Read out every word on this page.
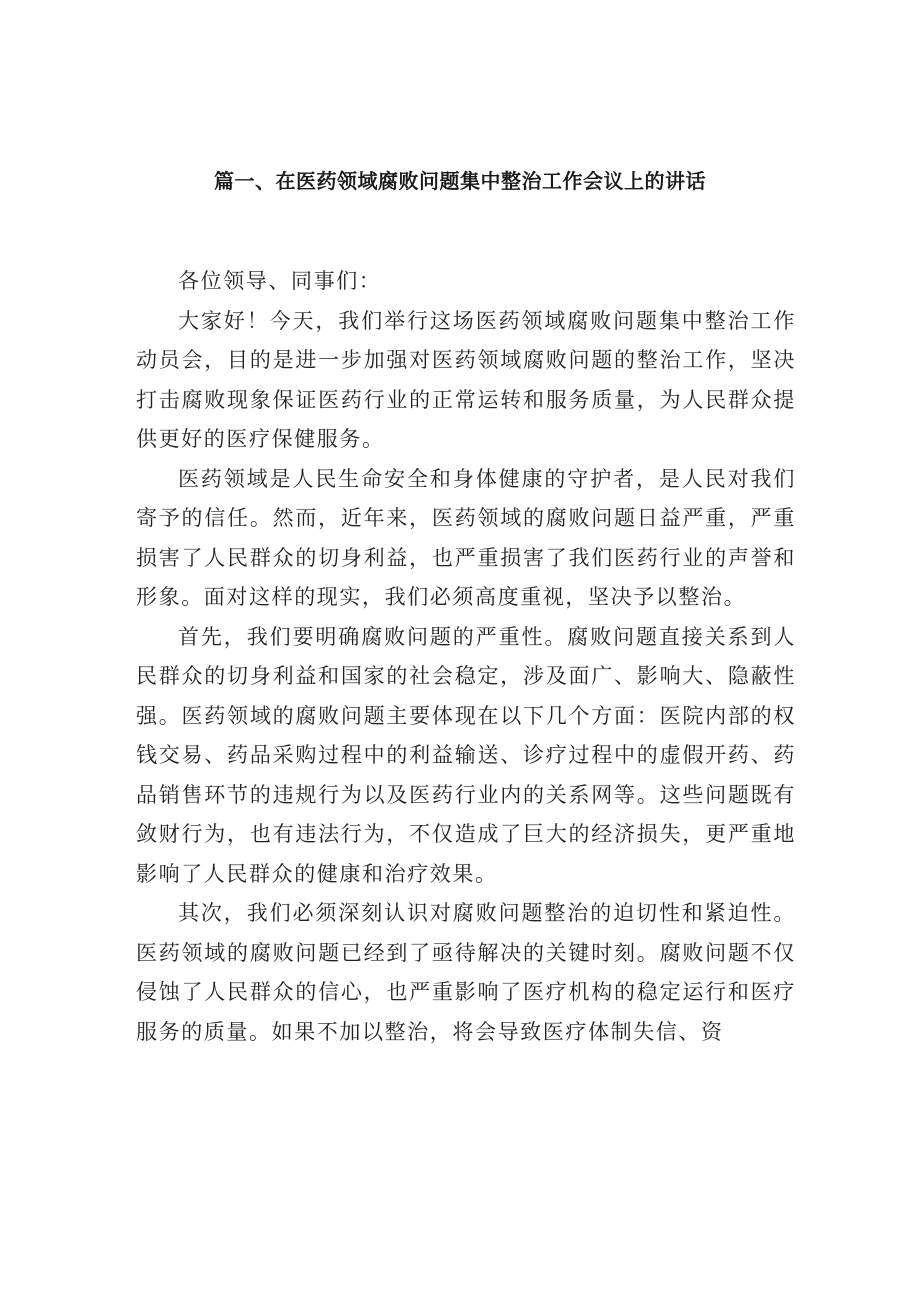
篇一、在医药领域腐败问题集中整治工作会议上的讲话

各位领导、同事们：

大家好！今天，我们举行这场医药领域腐败问题集中整治工作动员会，目的是进一步加强对医药领域腐败问题的整治工作，坚决打击腐败现象保证医药行业的正常运转和服务质量，为人民群众提供更好的医疗保健服务。

医药领域是人民生命安全和身体健康的守护者，是人民对我们寄予的信任。然而，近年来，医药领域的腐败问题日益严重，严重损害了人民群众的切身利益，也严重损害了我们医药行业的声誉和形象。面对这样的现实，我们必须高度重视，坚决予以整治。

首先，我们要明确腐败问题的严重性。腐败问题直接关系到人民群众的切身利益和国家的社会稳定，涉及面广、影响大、隐蔽性强。医药领域的腐败问题主要体现在以下几个方面：医院内部的权钱交易、药品采购过程中的利益输送、诊疗过程中的虚假开药、药品销售环节的违规行为以及医药行业内的关系网等。这些问题既有敛财行为，也有违法行为，不仅造成了巨大的经济损失，更严重地影响了人民群众的健康和治疗效果。

其次，我们必须深刻认识对腐败问题整治的迫切性和紧迫性。医药领域的腐败问题已经到了亟待解决的关键时刻。腐败问题不仅侵蚀了人民群众的信心，也严重影响了医疗机构的稳定运行和医疗服务的质量。如果不加以整治，将会导致医疗体制失信、资
